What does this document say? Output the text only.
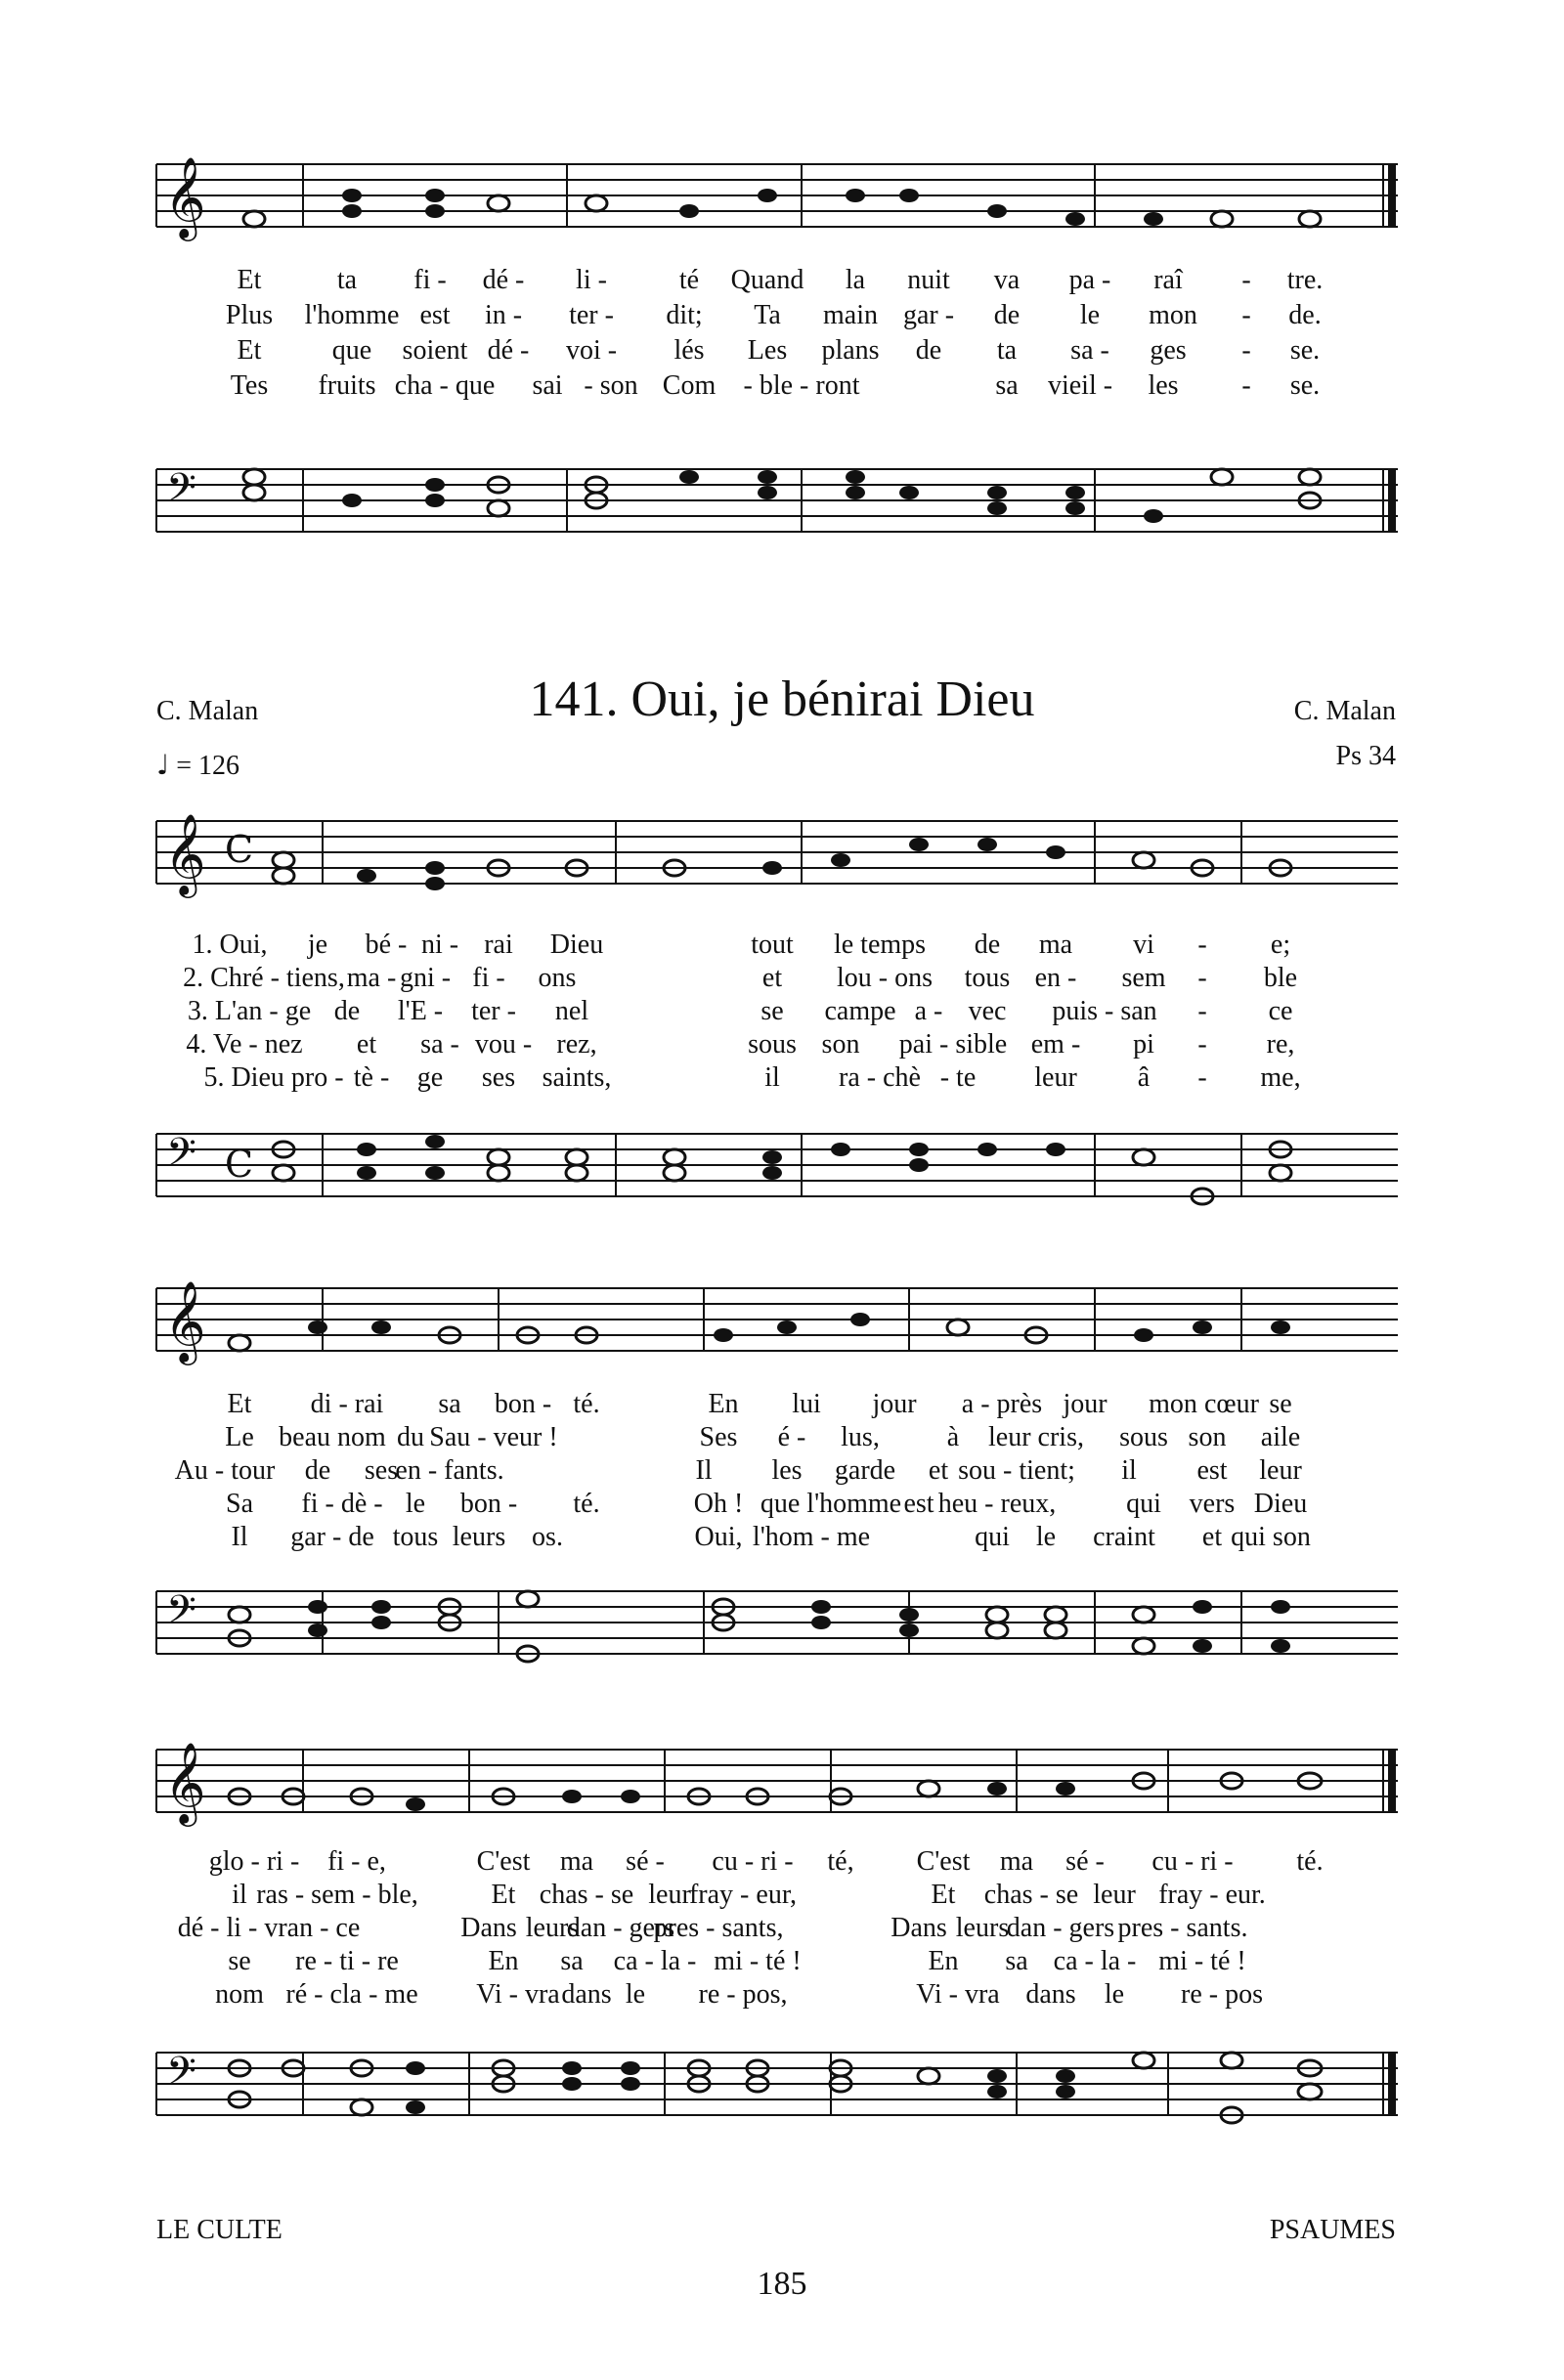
𝄞
Et	ta fi - dé - li -	té Quand la nuit va pa - raî - tre.
Plus l'homme est in - ter - dit; Ta main gar - de le mon - de.
Et	que soient dé - voi - lés Les plans de ta sa - ges - se.
Tes fruits cha - que sai - son Com - ble - ront	sa vieil - les - se.
𝄢
C. Malan	141. Oui, je bénirai Dieu	C. Malan
♩ = 126	Ps 34
𝄞 C
1. Oui, je bé - ni - rai Dieu	tout le temps de ma vi - e;
2. Chré - tiens, ma - gni - fi - ons	et lou - ons tous en - sem - ble
3. L'an - ge de l'E - ter - nel	se campe a - vec puis - san - ce
4. Ve - nez et sa - vou - rez,	sous son pai - sible em - pi - re,
5. Dieu pro - tè - ge ses saints,	il ra - chè - te leur â - me,
𝄢 C
𝄞
Et di - rai sa bon - té.	En lui jour a - près jour mon cœur se
Le beau nom du Sau - veur !	Ses é - lus, à leur cris, sous son aile
Au - tour de ses
en - fants.	Il les garde et sou - tient; il est leur
Sa fi - dè - le bon - té.	Oh ! que l'homme est heu - reux,	qui vers Dieu
Il gar - de tous leurs os.	Oui, l'hom - me	qui le craint et qui son
𝄢
𝄞
glo - ri - fi - e,	C'est ma sé - cu - ri - té, C'est ma sé - cu - ri - té.
il ras - sem - ble,	Et chas - se leur
fray - eur,	Et chas - se leur fray - eur.
dé - li - vran - ce	Dans leurs
dan - gers
pres - sants,	Dans leurs
dan - gers pres - sants.
se re - ti - re	En sa ca - la - mi - té !	En sa ca - la - mi - té !
nom ré - cla - me Vi - vra dans le re - pos,	Vi - vra dans le re - pos
𝄢
LE CULTE	PSAUMES
185
